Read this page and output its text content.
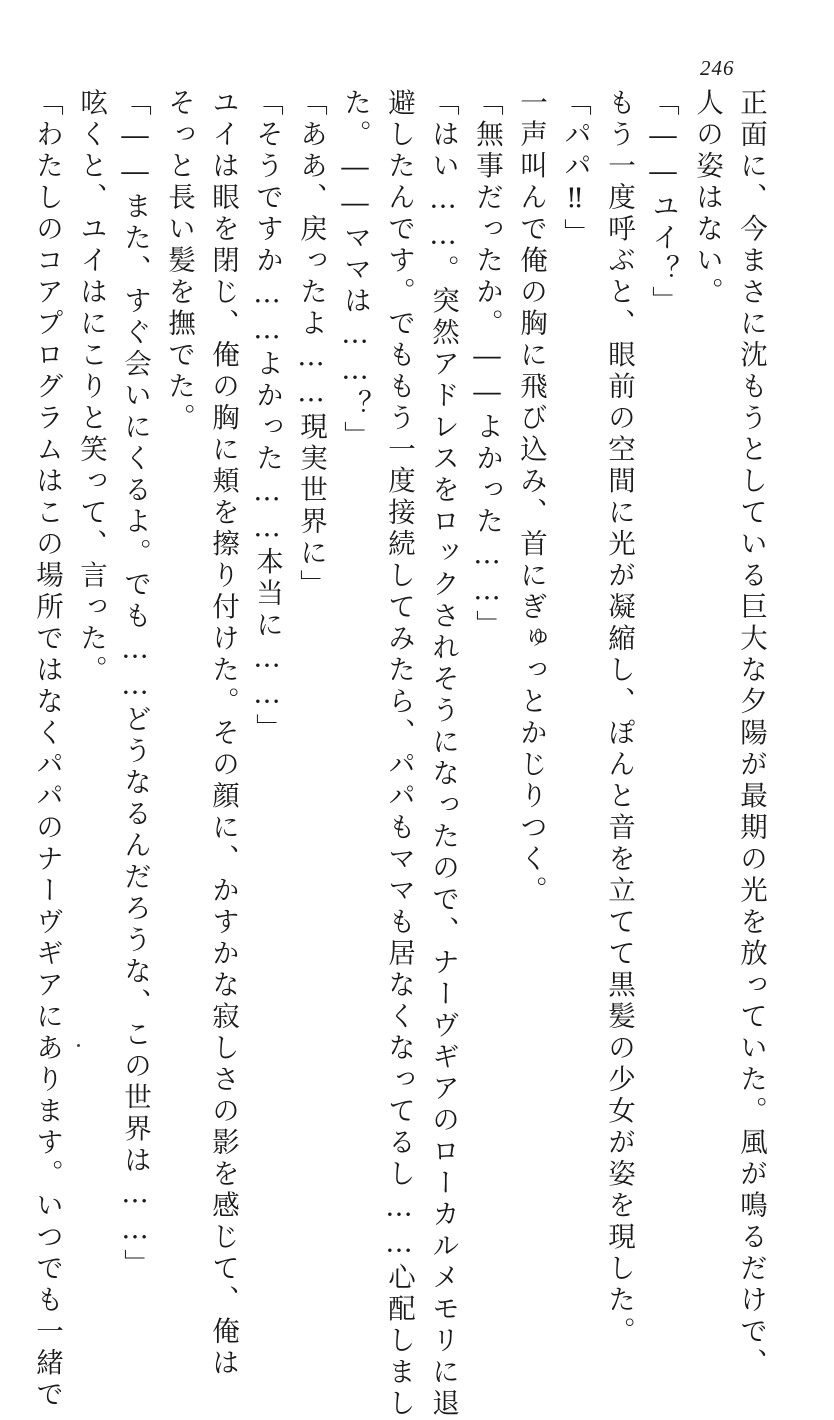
246
正面に、今まさに沈もうとしている巨大な夕陽が最期の光を放っていた。風が鳴るだけで、
人の姿はない。
「――ユイ？」
もう一度呼ぶと、眼前の空間に光が凝縮し、ぽんと音を立てて黒髪の少女が姿を現した。
「パパ‼」
一声叫んで俺の胸に飛び込み、首にぎゅっとかじりつく。
「無事だったか。――よかった……」
「はい……。突然アドレスをロックされそうになったので、ナーヴギアのローカルメモリに退
避したんです。でももう一度接続してみたら、パパもママも居なくなってるし……心配しまし
た。――ママは……？」
「ああ、戻ったよ……現実世界に」
「そうですか……よかった……本当に……」
ユイは眼を閉じ、俺の胸に頬を擦り付けた。その顔に、かすかな寂しさの影を感じて、俺は
そっと長い髪を撫でた。
「――また、すぐ会いにくるよ。でも……どうなるんだろうな、この世界は……」
呟くと、ユイはにこりと笑って、言った。
「わたしのコアプログラムはこの場所ではなくパパのナーヴギアにあります。いつでも一緒で
